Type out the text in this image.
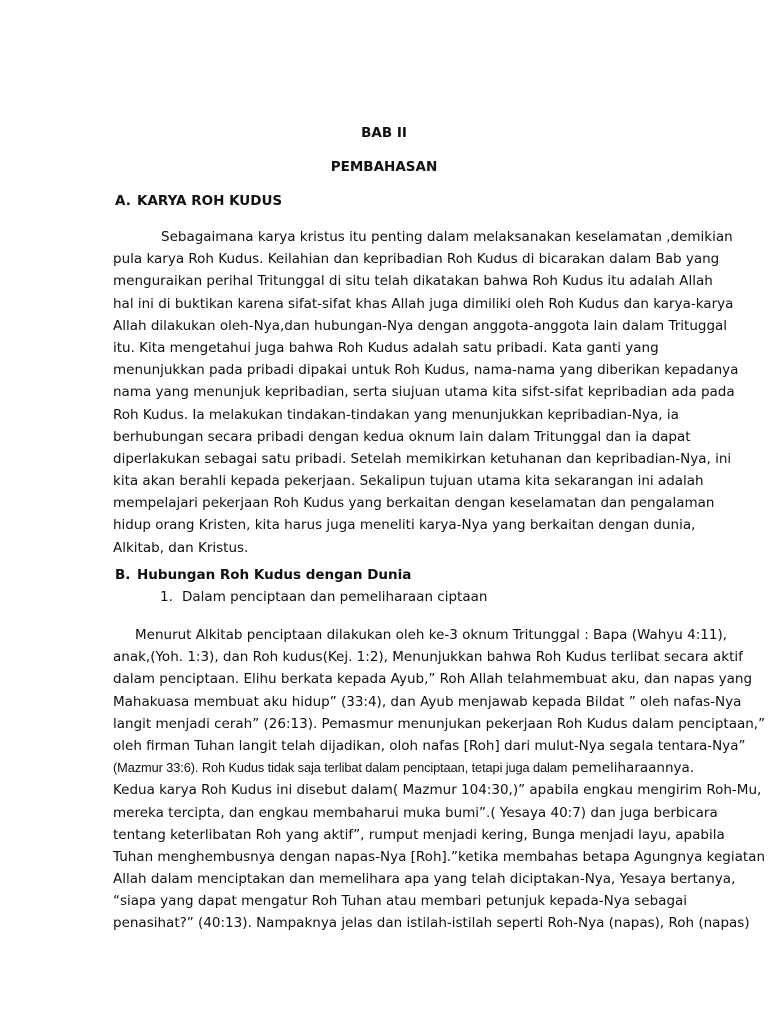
BAB II
PEMBAHASAN
A. KARYA ROH KUDUS
Sebagaimana karya kristus itu penting dalam melaksanakan keselamatan ,demikian
pula karya Roh Kudus. Keilahian dan kepribadian Roh Kudus di bicarakan dalam Bab yang
menguraikan perihal Tritunggal di situ telah dikatakan bahwa Roh Kudus itu adalah Allah
hal ini di buktikan karena sifat-sifat khas Allah juga dimiliki oleh Roh Kudus dan karya-karya
Allah dilakukan oleh-Nya,dan hubungan-Nya dengan anggota-anggota lain dalam Trituggal
itu. Kita mengetahui juga bahwa Roh Kudus adalah satu pribadi. Kata ganti yang
menunjukkan pada pribadi dipakai untuk Roh Kudus, nama-nama yang diberikan kepadanya
nama yang menunjuk kepribadian, serta siujuan utama kita sifst-sifat kepribadian ada pada
Roh Kudus. Ia melakukan tindakan-tindakan yang menunjukkan kepribadian-Nya, ia
berhubungan secara pribadi dengan kedua oknum lain dalam Tritunggal dan ia dapat
diperlakukan sebagai satu pribadi. Setelah memikirkan ketuhanan dan kepribadian-Nya, ini
kita akan berahli kepada pekerjaan. Sekalipun tujuan utama kita sekarangan ini adalah
mempelajari pekerjaan Roh Kudus yang berkaitan dengan keselamatan dan pengalaman
hidup orang Kristen, kita harus juga meneliti karya-Nya yang berkaitan dengan dunia,
Alkitab, dan Kristus.
B. Hubungan Roh Kudus dengan Dunia
1. Dalam penciptaan dan pemeliharaan ciptaan
Menurut Alkitab penciptaan dilakukan oleh ke-3 oknum Tritunggal : Bapa (Wahyu 4:11),
anak,(Yoh. 1:3), dan Roh kudus(Kej. 1:2), Menunjukkan bahwa Roh Kudus terlibat secara aktif
dalam penciptaan. Elihu berkata kepada Ayub,” Roh Allah telahmembuat aku, dan napas yang
Mahakuasa membuat aku hidup” (33:4), dan Ayub menjawab kepada Bildat ” oleh nafas-Nya
langit menjadi cerah” (26:13). Pemasmur menunjukan pekerjaan Roh Kudus dalam penciptaan,”
oleh firman Tuhan langit telah dijadikan, oloh nafas [Roh] dari mulut-Nya segala tentara-Nya”
(Mazmur 33:6). Roh Kudus tidak saja terlibat dalam penciptaan, tetapi juga dalam pemeliharaannya.
Kedua karya Roh Kudus ini disebut dalam( Mazmur 104:30,)” apabila engkau mengirim Roh-Mu,
mereka tercipta, dan engkau membaharui muka bumi”.( Yesaya 40:7) dan juga berbicara
tentang keterlibatan Roh yang aktif”, rumput menjadi kering, Bunga menjadi layu, apabila
Tuhan menghembusnya dengan napas-Nya [Roh].”ketika membahas betapa Agungnya kegiatan
Allah dalam menciptakan dan memelihara apa yang telah diciptakan-Nya, Yesaya bertanya,
“siapa yang dapat mengatur Roh Tuhan atau membari petunjuk kepada-Nya sebagai
penasihat?” (40:13). Nampaknya jelas dan istilah-istilah seperti Roh-Nya (napas), Roh (napas)
